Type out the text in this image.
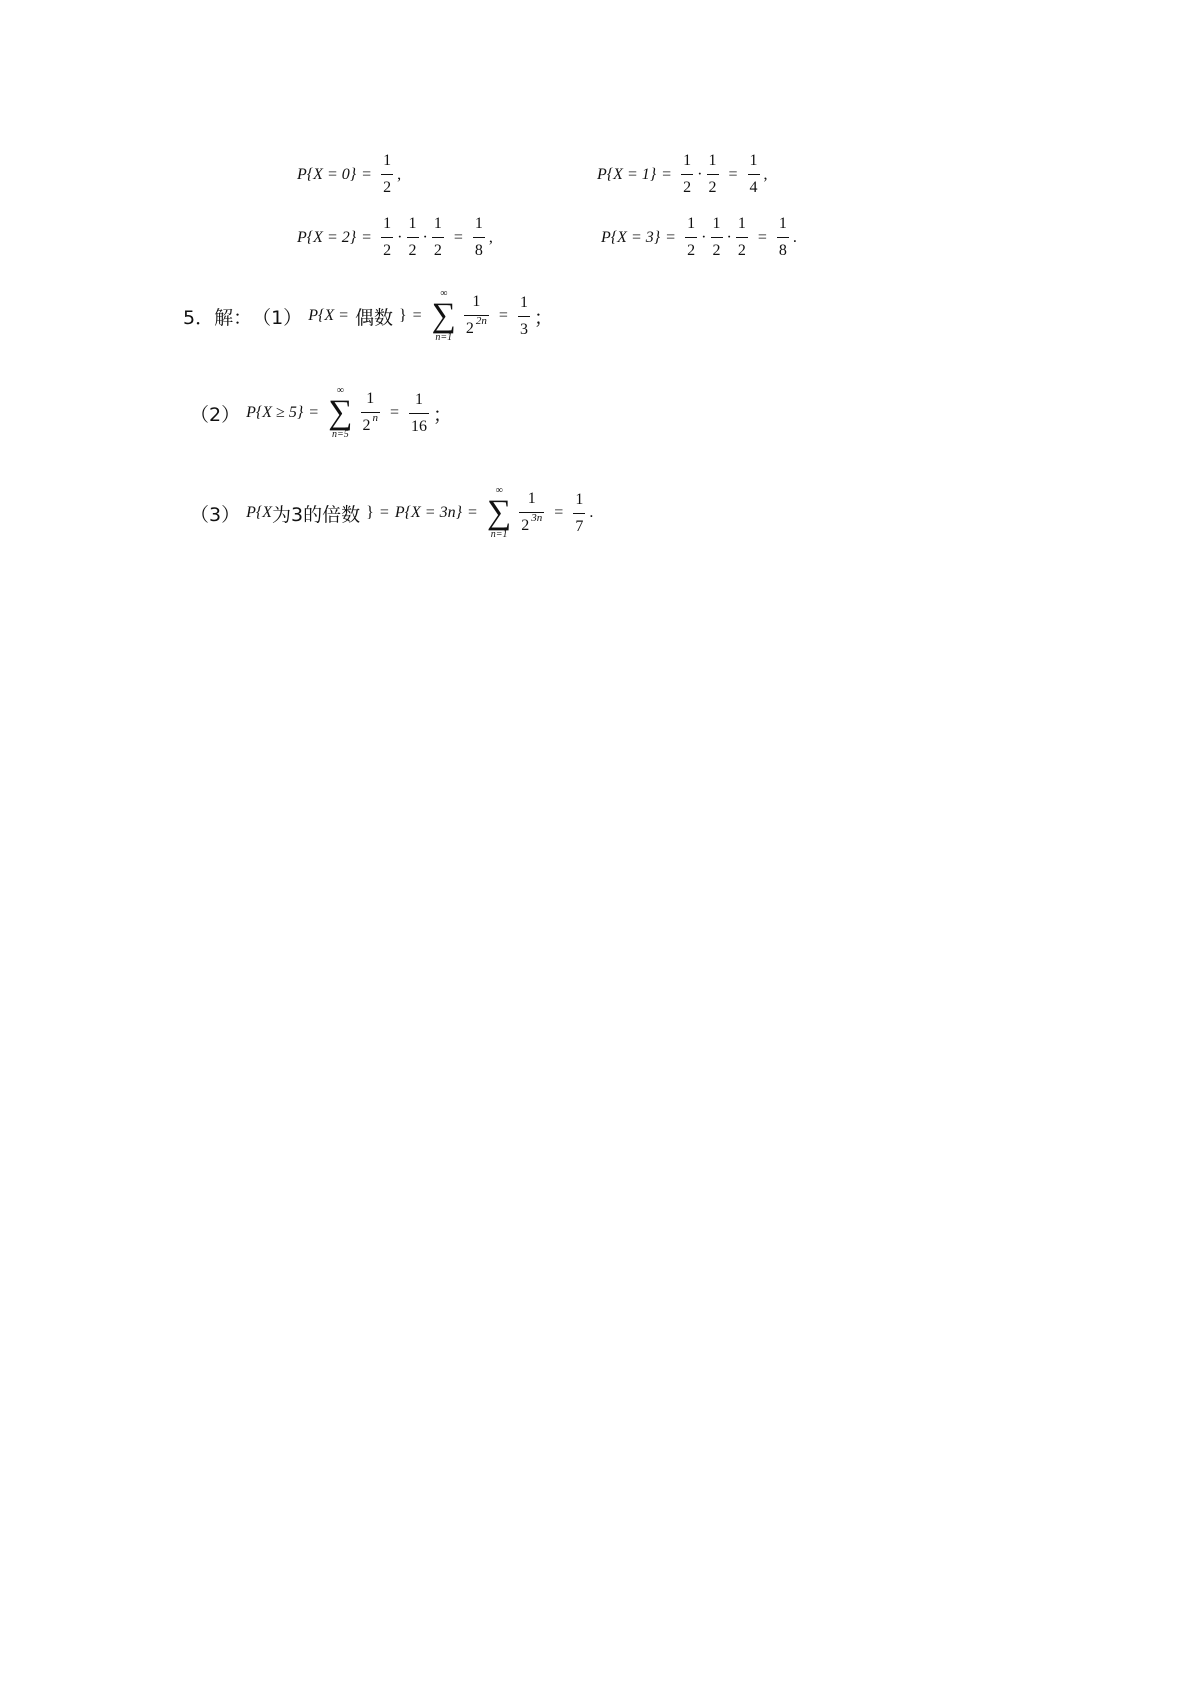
$P\{X = 0\} = \frac{1}{2}$ ,	$P\{X = 1\} = \frac{1}{2} \cdot \frac{1}{2} = \frac{1}{4}$ ,
$P\{X = 2\} = \frac{1}{2} \cdot \frac{1}{2} \cdot \frac{1}{2} = \frac{1}{8}$ ,	$P\{X = 3\} = \frac{1}{2} \cdot \frac{1}{2} \cdot \frac{1}{2} = \frac{1}{8}$ .
5．解： （1） P{X = 偶数 } =
∞
∑
$n=1 \frac{1}{2 ^{2n}} = \frac{1}{3}$ ；
（2） P{X ≥ 5} =
∞
∑
$n=5 \frac{1}{2 ^n} = \frac{1}{16}$ ；
（3） P{X 为3的倍数 } = P{X = 3n} =
∞
∑
$n=1 \frac{1}{2 ^{3n}} = \frac{1}{7}$ .
